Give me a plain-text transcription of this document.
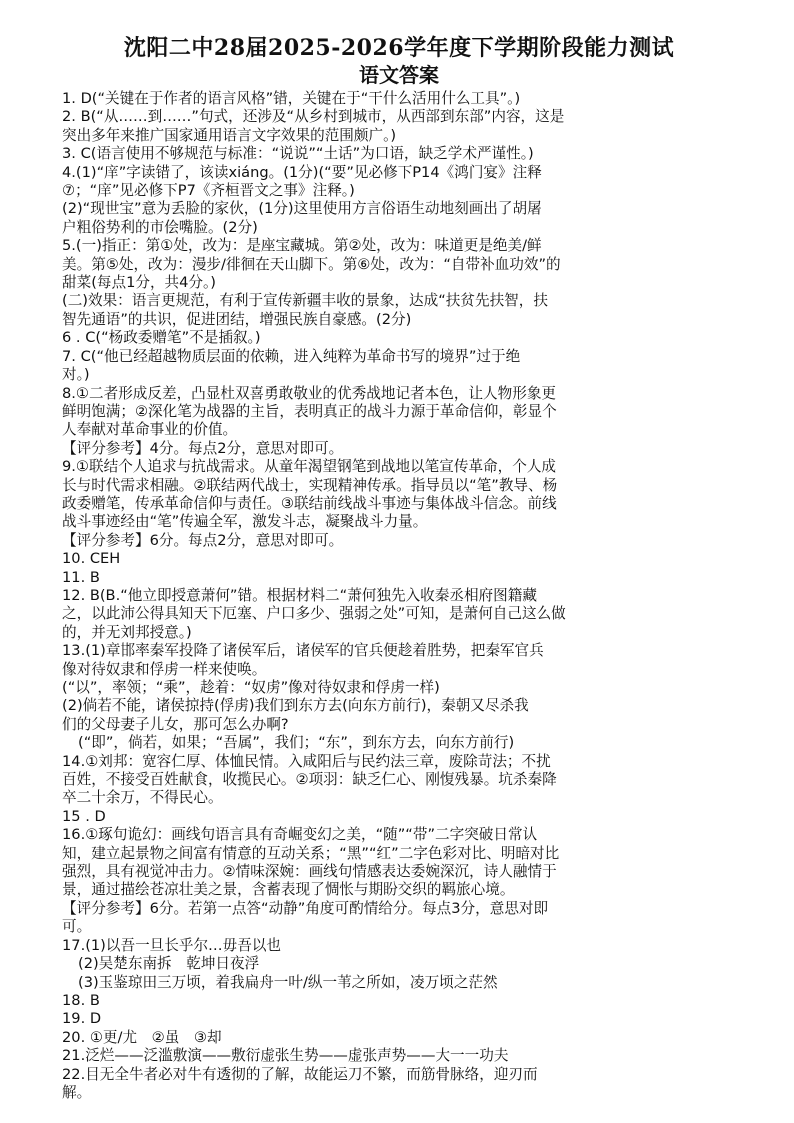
沈阳二中28届2025-2026学年度下学期阶段能力测试
语文答案

1. D(“关键在于作者的语言风格”错，关键在于“干什么活用什么工具”。)

2. B(“从……到……”句式，还涉及“从乡村到城市，从西部到东部”内容，这是

突出多年来推广国家通用语言文字效果的范围颇广。)

3. C(语言使用不够规范与标准：“说说”“土话”为口语，缺乏学术严谨性。)

4.(1)“庠”字读错了，该读xiáng。(1分)(“要”见必修下P14《鸿门宴》注释

⑦；“庠”见必修下P7《齐桓晋文之事》注释。)

(2)“现世宝”意为丢脸的家伙，(1分)这里使用方言俗语生动地刻画出了胡屠

户粗俗势利的市侩嘴脸。(2分)

5.(一)指正：第①处，改为：是座宝藏城。第②处，改为：味道更是绝美/鲜

美。第⑤处，改为：漫步/徘徊在天山脚下。第⑥处，改为：“自带补血功效”的

甜菜(每点1分，共4分。)

(二)效果：语言更规范，有利于宣传新疆丰收的景象，达成“扶贫先扶智，扶

智先通语”的共识，促进团结，增强民族自豪感。(2分)

6 . C(“杨政委赠笔”不是插叙。)

7. C(“他已经超越物质层面的依赖，进入纯粹为革命书写的境界”过于绝

对。)

8.①二者形成反差，凸显杜双喜勇敢敬业的优秀战地记者本色，让人物形象更

鲜明饱满；②深化笔为战器的主旨，表明真正的战斗力源于革命信仰，彰显个

人奉献对革命事业的价值。

【评分参考】4分。每点2分，意思对即可。

9.①联结个人追求与抗战需求。从童年渴望钢笔到战地以笔宣传革命，个人成

长与时代需求相融。②联结两代战士，实现精神传承。指导员以“笔”教导、杨

政委赠笔，传承革命信仰与责任。③联结前线战斗事迹与集体战斗信念。前线

战斗事迹经由“笔”传遍全军，激发斗志，凝聚战斗力量。

【评分参考】6分。每点2分，意思对即可。

10. CEH

11. B

12. B(B.“他立即授意萧何”错。根据材料二“萧何独先入收秦丞相府图籍藏

之，以此沛公得具知天下厄塞、户口多少、强弱之处”可知，是萧何自己这么做

的，并无刘邦授意。)

13.(1)章邯率秦军投降了诸侯军后，诸侯军的官兵便趁着胜势，把秦军官兵

像对待奴隶和俘虏一样来使唤。

(“以”，率领；“乘”，趁着：“奴虏”像对待奴隶和俘虏一样)

(2)倘若不能，诸侯掠持(俘虏)我们到东方去(向东方前行)，秦朝又尽杀我

们的父母妻子儿女，那可怎么办啊?

(“即”，倘若，如果；“吾属”，我们；“东”，到东方去，向东方前行)

14.①刘邦：宽容仁厚、体恤民情。入咸阳后与民约法三章，废除苛法；不扰

百姓，不接受百姓献食，收揽民心。②项羽：缺乏仁心、刚愎残暴。坑杀秦降

卒二十余万，不得民心。

15 . D

16.①琢句诡幻：画线句语言具有奇崛变幻之美，“随”“带”二字突破日常认

知，建立起景物之间富有情意的互动关系；“黑”“红”二字色彩对比、明暗对比

强烈，具有视觉冲击力。②情味深婉：画线句情感表达委婉深沉，诗人融情于

景，通过描绘苍凉壮美之景，含蓄表现了惆怅与期盼交织的羁旅心境。

【评分参考】6分。若第一点答“动静”角度可酌情给分。每点3分，意思对即

可。

17.(1)以吾一旦长乎尔…毋吾以也

(2)吴楚东南拆　乾坤日夜浮

(3)玉鉴琼田三万顷，着我扁舟一叶/纵一苇之所如，凌万顷之茫然

18. B

19. D

20. ①更/尤　②虽　③却

21.泛烂——泛滥敷演——敷衍虚张生势——虚张声势——大一一功夫

22.目无全牛者必对牛有透彻的了解，故能运刀不繁，而筋骨脉络，迎刃而

解。
